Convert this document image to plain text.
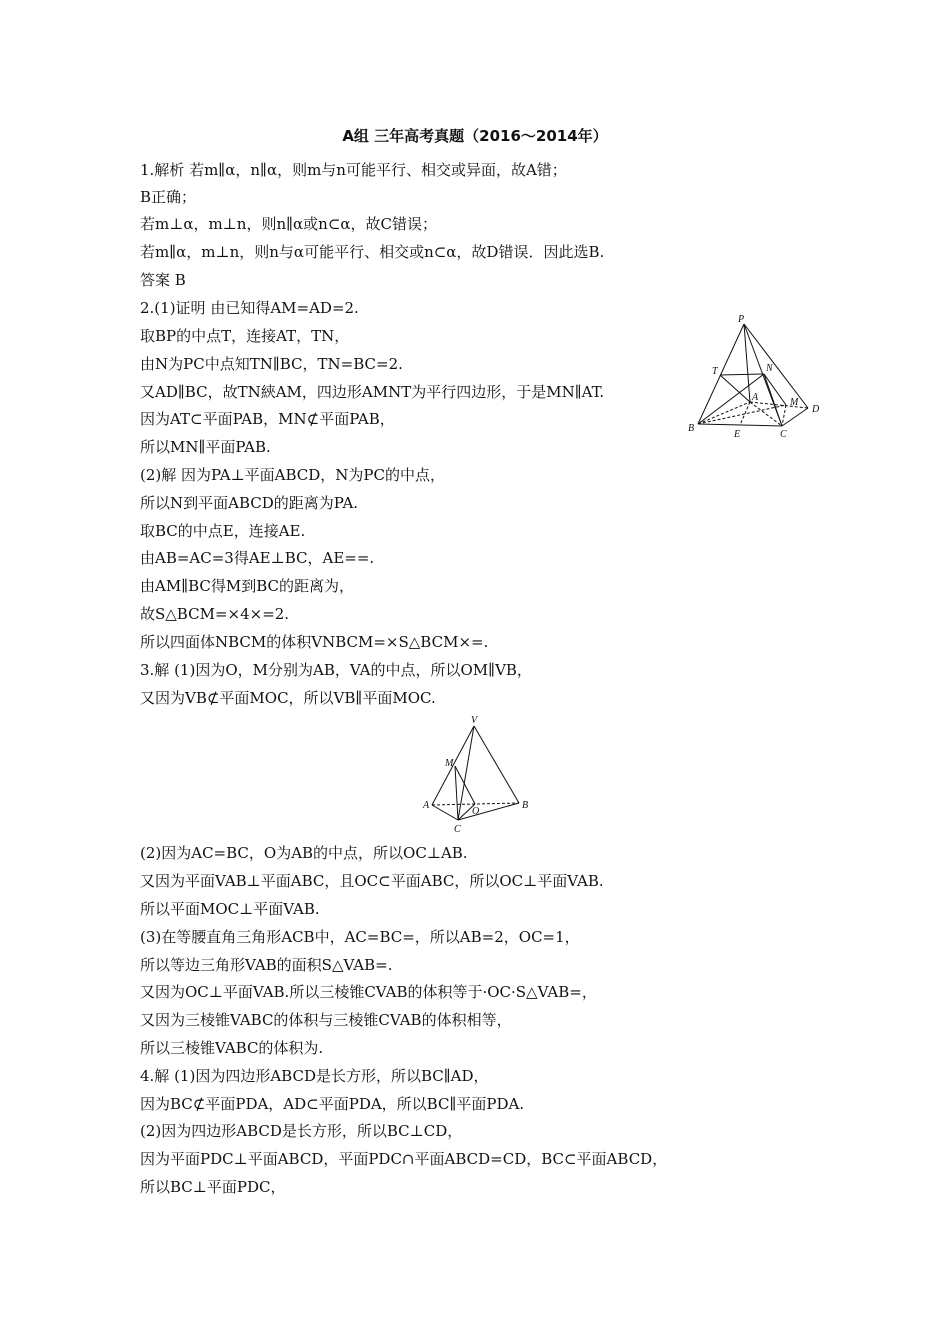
A组 三年高考真题（2016～2014年）
1.解析 若m∥α，n∥α，则m与n可能平行、相交或异面，故A错；
B正确；
若m⊥α，m⊥n，则n∥α或n⊂α，故C错误；
若m∥α，m⊥n，则n与α可能平行、相交或n⊂α，故D错误．因此选B.
答案 B
2.(1)证明 由已知得AM=AD=2.
取BP的中点T，连接AT，TN，
由N为PC中点知TN∥BC，TN=BC=2.
又AD∥BC，故TN綊AM，四边形AMNT为平行四边形，于是MN∥AT.
因为AT⊂平面PAB，MN⊄平面PAB，
所以MN∥平面PAB.
(2)解 因为PA⊥平面ABCD，N为PC的中点，
所以N到平面ABCD的距离为PA.
取BC的中点E，连接AE.
由AB=AC=3得AE⊥BC，AE==.
由AM∥BC得M到BC的距离为，
故S△BCM=×4×=2.
所以四面体NBCM的体积VNBCM=×S△BCM×=.
3.解 (1)因为O，M分别为AB，VA的中点，所以OM∥VB，
又因为VB⊄平面MOC，所以VB∥平面MOC.
(2)因为AC=BC，O为AB的中点，所以OC⊥AB.
又因为平面VAB⊥平面ABC，且OC⊂平面ABC，所以OC⊥平面VAB.
所以平面MOC⊥平面VAB.
(3)在等腰直角三角形ACB中，AC=BC=，所以AB=2，OC=1，
所以等边三角形VAB的面积S△VAB=.
又因为OC⊥平面VAB.所以三棱锥CVAB的体积等于·OC·S△VAB=，
又因为三棱锥VABC的体积与三棱锥CVAB的体积相等，
所以三棱锥VABC的体积为.
4.解 (1)因为四边形ABCD是长方形，所以BC∥AD，
因为BC⊄平面PDA，AD⊂平面PDA，所以BC∥平面PDA.
(2)因为四边形ABCD是长方形，所以BC⊥CD，
因为平面PDC⊥平面ABCD，平面PDC∩平面ABCD=CD，BC⊂平面ABCD，
所以BC⊥平面PDC，
P
T	N
A	M
D
B
E	C
V
M
A
O
B
C
